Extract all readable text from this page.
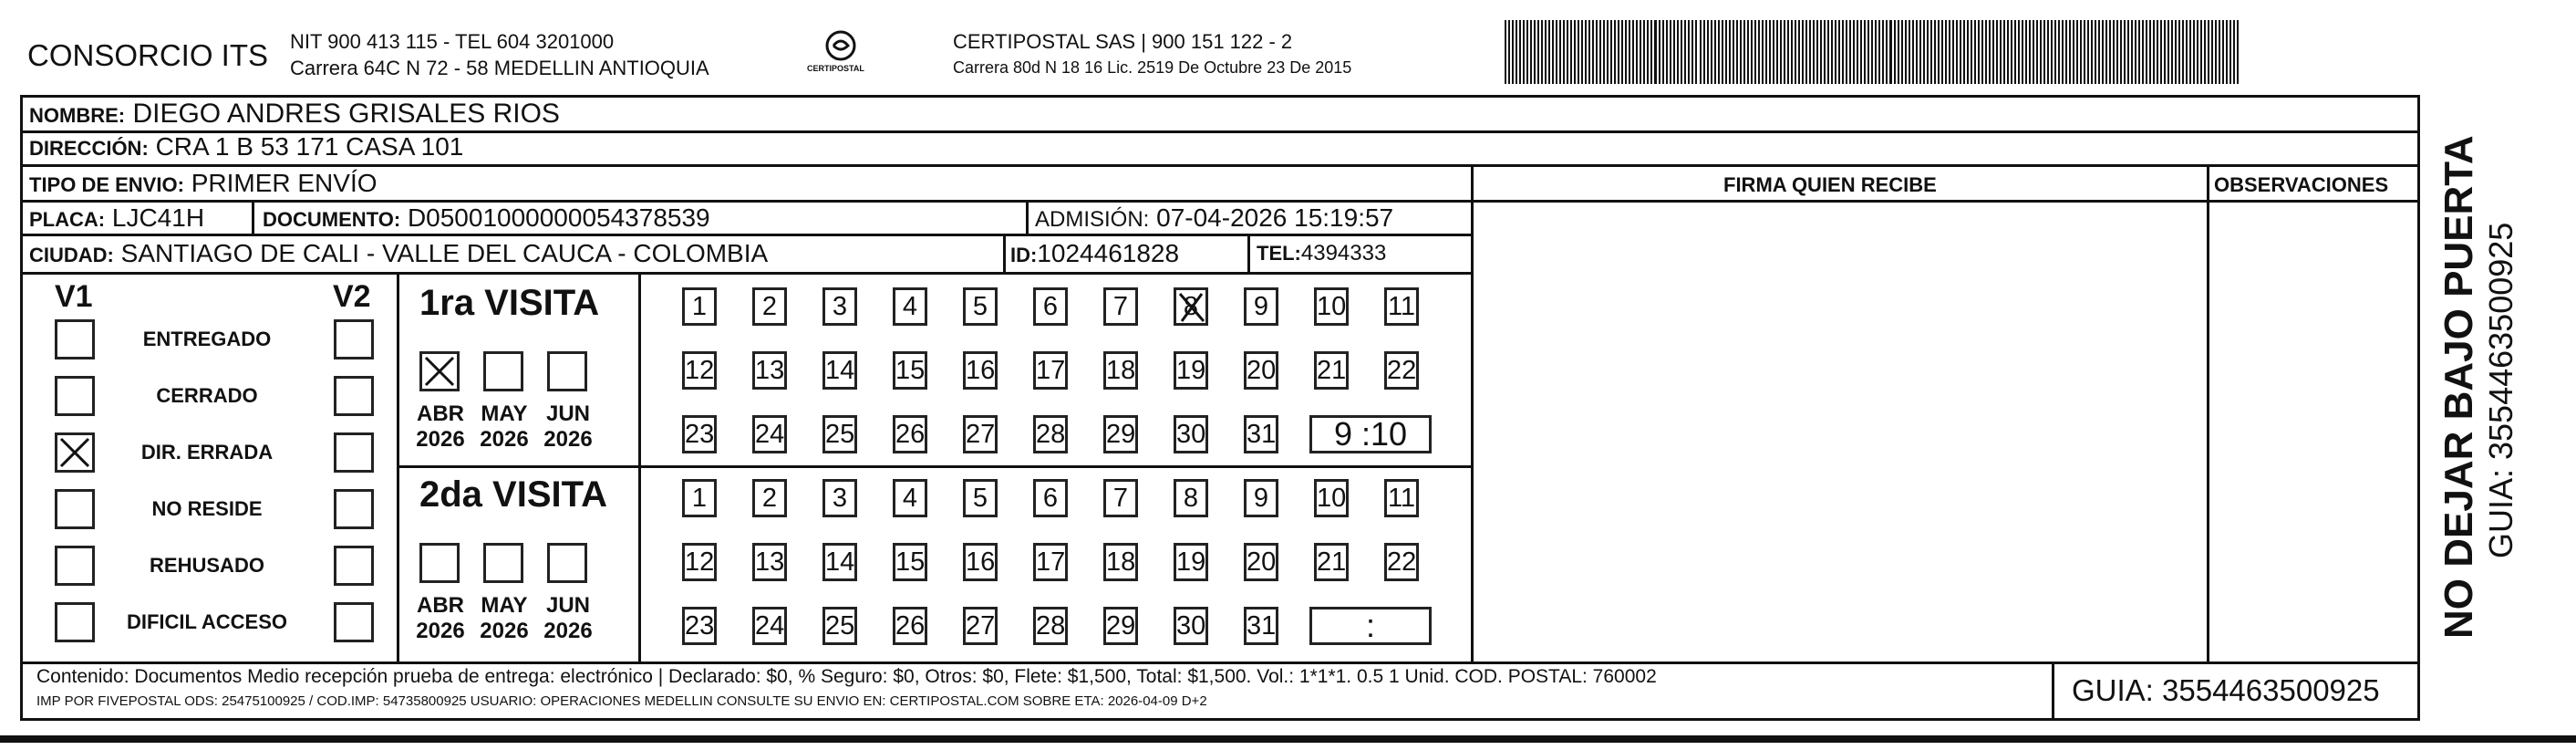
CONSORCIO ITS NIT 900 413 115 - TEL 604 3201000
Carrera 64C N 72 - 58 MEDELLIN ANTIOQUIA	CERTIPOSTAL
CERTIPOSTAL SAS | 900 151 122 - 2
Carrera 80d N 18 16 Lic. 2519 De Octubre 23 De 2015
NOMBRE: DIEGO ANDRES GRISALES RIOS
DIRECCIÓN: CRA 1 B 53 171 CASA 101
TIPO DE ENVIO: PRIMER ENVÍO	FIRMA QUIEN RECIBE	OBSERVACIONES
PLACA: LJC41H	DOCUMENTO: D05001000000054378539	ADMISIÓN: 07-04-2026 15:19:57
CIUDAD: SANTIAGO DE CALI - VALLE DEL CAUCA - COLOMBIA	ID:1024461828	TEL:4394333
V1	V2
ENTREGADO
CERRADO
DIR. ERRADA
NO RESIDE
REHUSADO
DIFICIL ACCESO
1ra VISITA
ABR
2026
MAY
2026
JUN
2026
1	2	3	4	5	6	7	8	9	10 11
12 13 14 15 16 17 18 19 20 21 22
23 24 25 26 27 28 29 30 31	9 :10
2da VISITA
ABR
2026
MAY
2026
JUN
2026
1	2	3	4	5	6	7	8	9	10 11
12 13 14 15 16 17 18 19 20 21 22
23 24 25 26 27 28 29 30 31	:
Contenido: Documentos Medio recepción prueba de entrega: electrónico | Declarado: $0, % Seguro: $0, Otros: $0, Flete: $1,500, Total: $1,500. Vol.: 1*1*1. 0.5 1 Unid. COD. POSTAL: 760002
IMP POR FIVEPOSTAL ODS: 25475100925 / COD.IMP: 54735800925 USUARIO: OPERACIONES MEDELLIN CONSULTE SU ENVIO EN: CERTIPOSTAL.COM SOBRE ETA: 2026-04-09 D+2	GUIA: 3554463500925
NO DEJAR BAJO PUERTA GUIA: 3554463500925
